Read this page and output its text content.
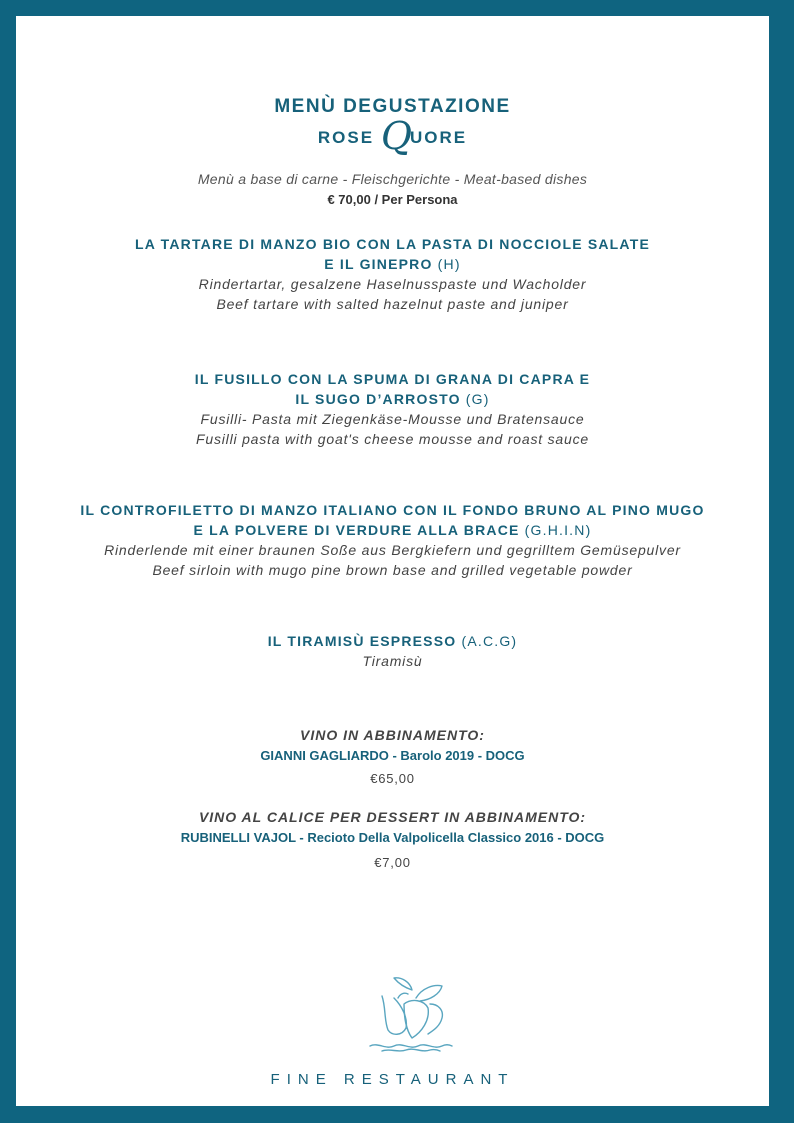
MENÙ DEGUSTAZIONE
ROSE QUORE
Menù a base di carne - Fleischgerichte - Meat-based dishes
€ 70,00 / Per Persona
LA TARTARE DI MANZO BIO CON LA PASTA DI NOCCIOLE SALATE
E IL GINEPRO (H)
Rindertartar, gesalzene Haselnusspaste und Wacholder
Beef tartare with salted hazelnut paste and juniper
IL FUSILLO CON LA SPUMA DI GRANA DI CAPRA E
IL SUGO D’ARROSTO (G)
Fusilli- Pasta mit Ziegenkäse-Mousse und Bratensauce
Fusilli pasta with goat's cheese mousse and roast sauce
IL CONTROFILETTO DI MANZO ITALIANO CON IL FONDO BRUNO AL PINO MUGO
E LA POLVERE DI VERDURE ALLA BRACE (G.H.I.N)
Rinderlende mit einer braunen Soße aus Bergkiefern und gegrilltem Gemüsepulver
Beef sirloin with mugo pine brown base and grilled vegetable powder
IL TIRAMISÙ ESPRESSO (A.C.G)
Tiramisù
VINO IN ABBINAMENTO:
GIANNI GAGLIARDO - Barolo 2019 - DOCG
€65,00
VINO AL CALICE PER DESSERT IN ABBINAMENTO:
RUBINELLI VAJOL - Recioto Della Valpolicella Classico 2016 - DOCG
€7,00
FINE RESTAURANT
